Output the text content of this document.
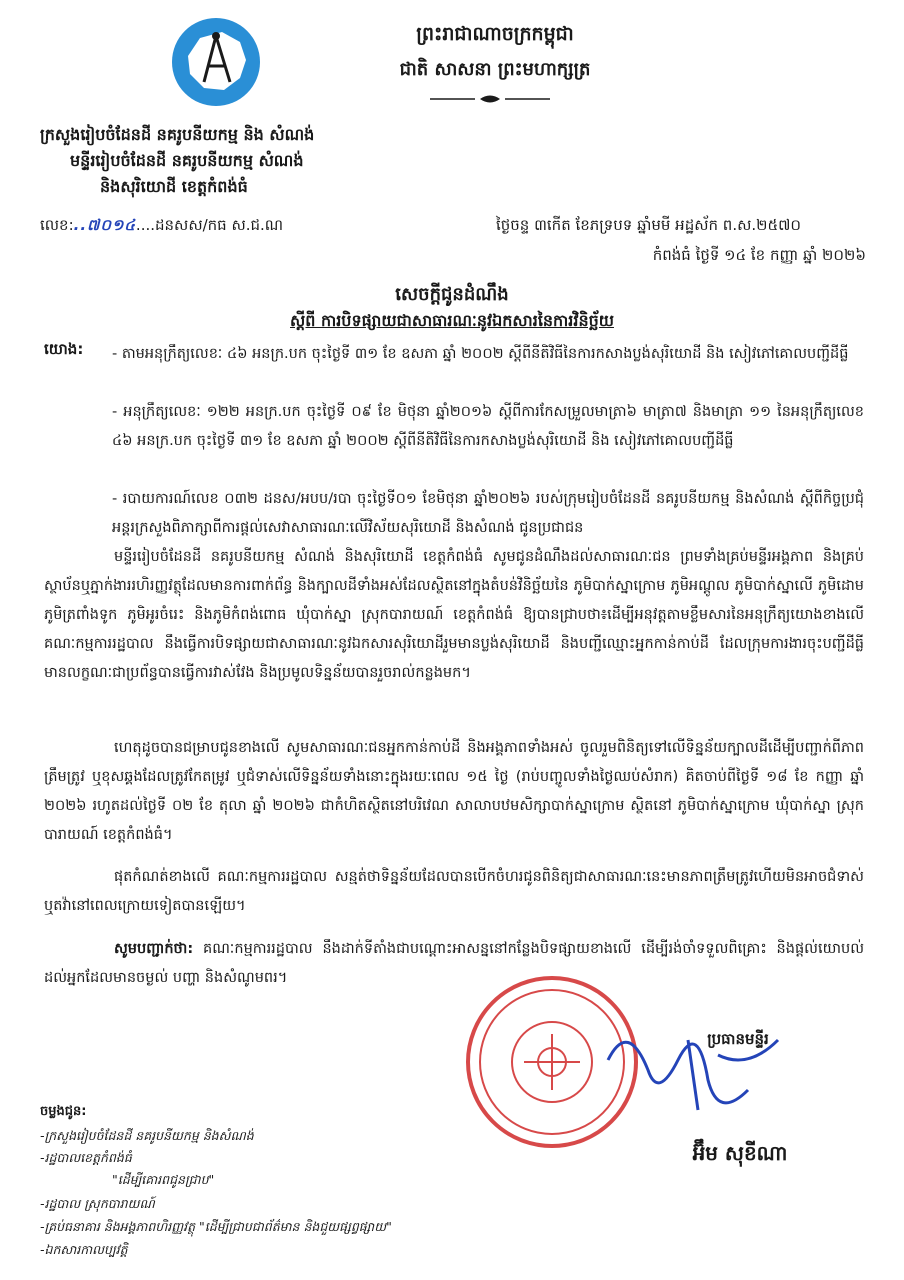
ព្រះរាជាណាចក្រកម្ពុជា
ជាតិ សាសនា ព្រះមហាក្សត្រ
ក្រសួងរៀបចំដែនដី នគរូបនីយកម្ម និង សំណង់
មន្ទីររៀបចំដែនដី នគរូបនីយកម្ម សំណង់
និងសុរិយោដី ខេត្តកំពង់ធំ
លេខ:..៧០១៤....ដនសស/កធ ស.ជ.ណ	ថ្ងៃចន្ទ ៣កើត ខែភទ្របទ ឆ្នាំមមី អដ្ឋស័ក ព.ស.២៥៧០
កំពង់ធំ ថ្ងៃទី ១៤ ខែ កញ្ញា ឆ្នាំ ២០២៦
សេចក្ដីជូនដំណឹង
ស្ដីពី ការបិទផ្សាយជាសាធារណៈនូវឯកសារនៃការវិនិច្ឆ័យ
យោង: - តាមអនុក្រឹត្យលេខៈ ៤៦ អនក្រ.បក ចុះថ្ងៃទី ៣១ ខែ ឧសភា ឆ្នាំ ២០០២ ស្ដីពីនីតិវិធីនៃការកសាងប្លង់សុរិយោដី និង សៀវភៅគោលបញ្ជីដីធ្លី
- អនុក្រឹត្យលេខៈ ១២២ អនក្រ.បក ចុះថ្ងៃទី ០៩ ខែ មិថុនា ឆ្នាំ២០១៦ ស្ដីពីការកែសម្រួលមាត្រា៦ មាត្រា៧ និងមាត្រា ១១ នៃអនុក្រឹត្យលេខ ៤៦ អនក្រ.បក ចុះថ្ងៃទី ៣១ ខែ ឧសភា ឆ្នាំ ២០០២ ស្ដីពីនីតិវិធីនៃការកសាងប្លង់សុរិយោដី និង សៀវភៅគោលបញ្ជីដីធ្លី
- របាយការណ៍លេខ ០៣២ ដនស/អបប/របា ចុះថ្ងៃទី០១ ខែមិថុនា ឆ្នាំ២០២៦ របស់ក្រុមរៀបចំដែនដី នគរូបនីយកម្ម និងសំណង់ ស្ដីពីកិច្ចប្រជុំអន្តរក្រសួងពិភាក្សាពីការផ្ដល់សេវាសាធារណៈលើវិស័យសុរិយោដី និងសំណង់ ជូនប្រជាជន
មន្ទីររៀបចំដែនដី នគរូបនីយកម្ម សំណង់ និងសុរិយោដី ខេត្តកំពង់ធំ សូមជូនដំណឹងដល់សាធារណៈជន ព្រមទាំងគ្រប់មន្ទីរអង្គភាព និងគ្រប់ស្ថាប័នឬភ្នាក់ងាររហិរញ្ញវត្ថុដែលមានការពាក់ព័ន្ធ និងក្បាលដីទាំងអស់ដែលស្ថិតនៅក្នុងតំបន់វិនិច្ឆ័យនៃ ភូមិបាក់ស្នាក្រោម ភូមិអណ្ដូល ភូមិបាក់ស្នាលើ ភូមិដោម ភូមិត្រពាំងទូក ភូមិអូរចំរេះ និងភូមិកំពង់ពោធ ឃុំបាក់ស្នា ស្រុកបារាយណ៍ ខេត្តកំពង់ធំ ឱ្យបានជ្រាបថា៖ដើម្បីអនុវត្តតាមខ្លឹមសារនៃអនុក្រឹត្យយោងខាងលើ គណៈកម្មការរដ្ឋបាល នឹងធ្វើការបិទផ្សាយជាសាធារណៈនូវឯកសារសុរិយោដីរួមមានប្លង់សុរិយោដី និងបញ្ជីឈ្មោះអ្នកកាន់កាប់ដី ដែលក្រុមការងារចុះបញ្ជីដីធ្លីមានលក្ខណៈជាប្រព័ន្ធបានធ្វើការវាស់វែង និងប្រមូលទិន្នន័យបានរួចរាល់កន្លងមក។
ហេតុដូចបានជម្រាបជូនខាងលើ សូមសាធារណៈជនអ្នកកាន់កាប់ដី និងអង្គភាពទាំងអស់ ចូលរួមពិនិត្យទៅលើទិន្នន័យក្បាលដីដើម្បីបញ្ជាក់ពីភាពត្រឹមត្រូវ ឬខុសឆ្គងដែលត្រូវកែតម្រូវ ឬជំទាស់លើទិន្នន័យទាំងនោះក្នុងរយៈពេល ១៥ ថ្ងៃ (រាប់បញ្ចូលទាំងថ្ងៃឈប់សំរាក) គិតចាប់ពីថ្ងៃទី ១៨ ខែ កញ្ញា ឆ្នាំ ២០២៦ រហូតដល់ថ្ងៃទី ០២ ខែ តុលា ឆ្នាំ ២០២៦ ជាកំហិតស្ថិតនៅបរិវេណ សាលាបឋមសិក្សាបាក់ស្នាក្រោម ស្ថិតនៅ ភូមិបាក់ស្នាក្រោម ឃុំបាក់ស្នា ស្រុកបារាយណ៍ ខេត្តកំពង់ធំ។
ផុតកំណត់ខាងលើ គណៈកម្មការរដ្ឋបាល សន្មត់ថាទិន្នន័យដែលបានបើកចំហរជូនពិនិត្យជាសាធារណៈនេះមានភាពត្រឹមត្រូវហើយមិនអាចជំទាស់ ឬតវ៉ានៅពេលក្រោយទៀតបានឡើយ។
សូមបញ្ជាក់ថា: គណៈកម្មការរដ្ឋបាល នឹងដាក់ទីតាំងជាបណ្ដោះអាសន្ននៅកន្លែងបិទផ្សាយខាងលើ ដើម្បីរង់ចាំទទួលពិគ្រោះ និងផ្ដល់យោបល់ដល់អ្នកដែលមានចម្ងល់ បញ្ហា និងសំណូមពរ។
ប្រធានមន្ទីរ
អ៊ឹម សុខីណា
ចម្លងជូន:
-ក្រសួងរៀបចំដែនដី នគរូបនីយកម្ម និងសំណង់
-រដ្ឋបាលខេត្តកំពង់ធំ
"ដើម្បីគោរពជូនជ្រាប"
-រដ្ឋបាល ស្រុកបារាយណ៍
-គ្រប់ធនាគារ និងអង្គភាពហិរញ្ញវត្ថុ "ដើម្បីជ្រាបជាព័ត៌មាន និងជួយផ្សព្វផ្សាយ"
-ឯកសារកាលប្បវត្តិ
